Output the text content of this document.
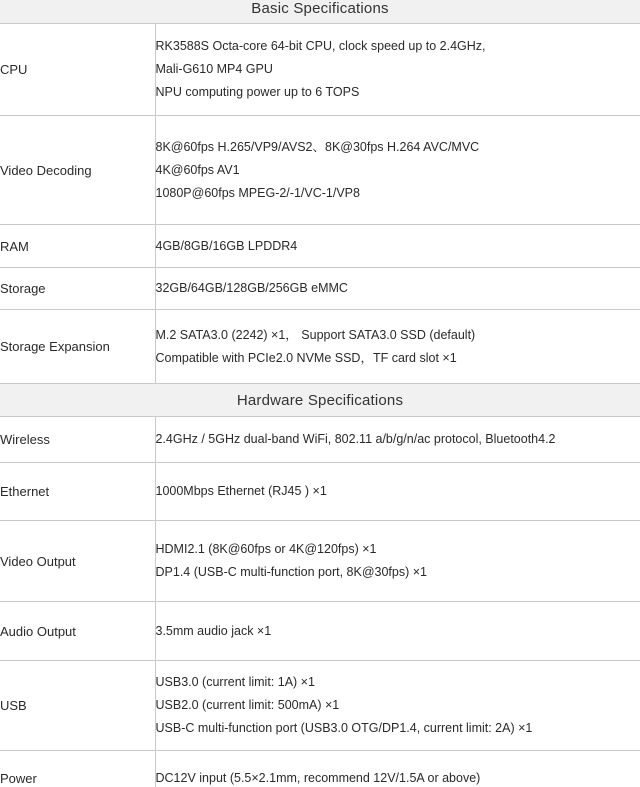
Basic Specifications	
CPU	RK3588S Octa-core 64-bit CPU, clock speed up to 2.4GHz,
Mali-G610 MP4 GPU
NPU computing power up to 6 TOPS

Video Decoding	8K@60fps H.265/VP9/AVS2、8K@30fps H.264 AVC/MVC
4K@60fps AV1
1080P@60fps MPEG-2/-1/VC-1/VP8

RAM	4GB/8GB/16GB LPDDR4

Storage	32GB/64GB/128GB/256GB eMMC

Storage Expansion	M.2 SATA3.0 (2242) ×1， Support SATA3.0 SSD (default)
Compatible with PCIe2.0 NVMe SSD，TF card slot ×1

Hardware Specifications	
Wireless	2.4GHz / 5GHz dual-band WiFi, 802.11 a/b/g/n/ac protocol, Bluetooth4.2

Ethernet	1000Mbps Ethernet (RJ45 ) ×1

Video Output	HDMI2.1 (8K@60fps or 4K@120fps) ×1
DP1.4 (USB-C multi-function port, 8K@30fps) ×1

Audio Output	3.5mm audio jack ×1

USB	USB3.0 (current limit: 1A) ×1
USB2.0 (current limit: 500mA) ×1
USB-C multi-function port (USB3.0 OTG/DP1.4, current limit: 2A) ×1

Power	DC12V input (5.5×2.1mm, recommend 12V/1.5A or above)
